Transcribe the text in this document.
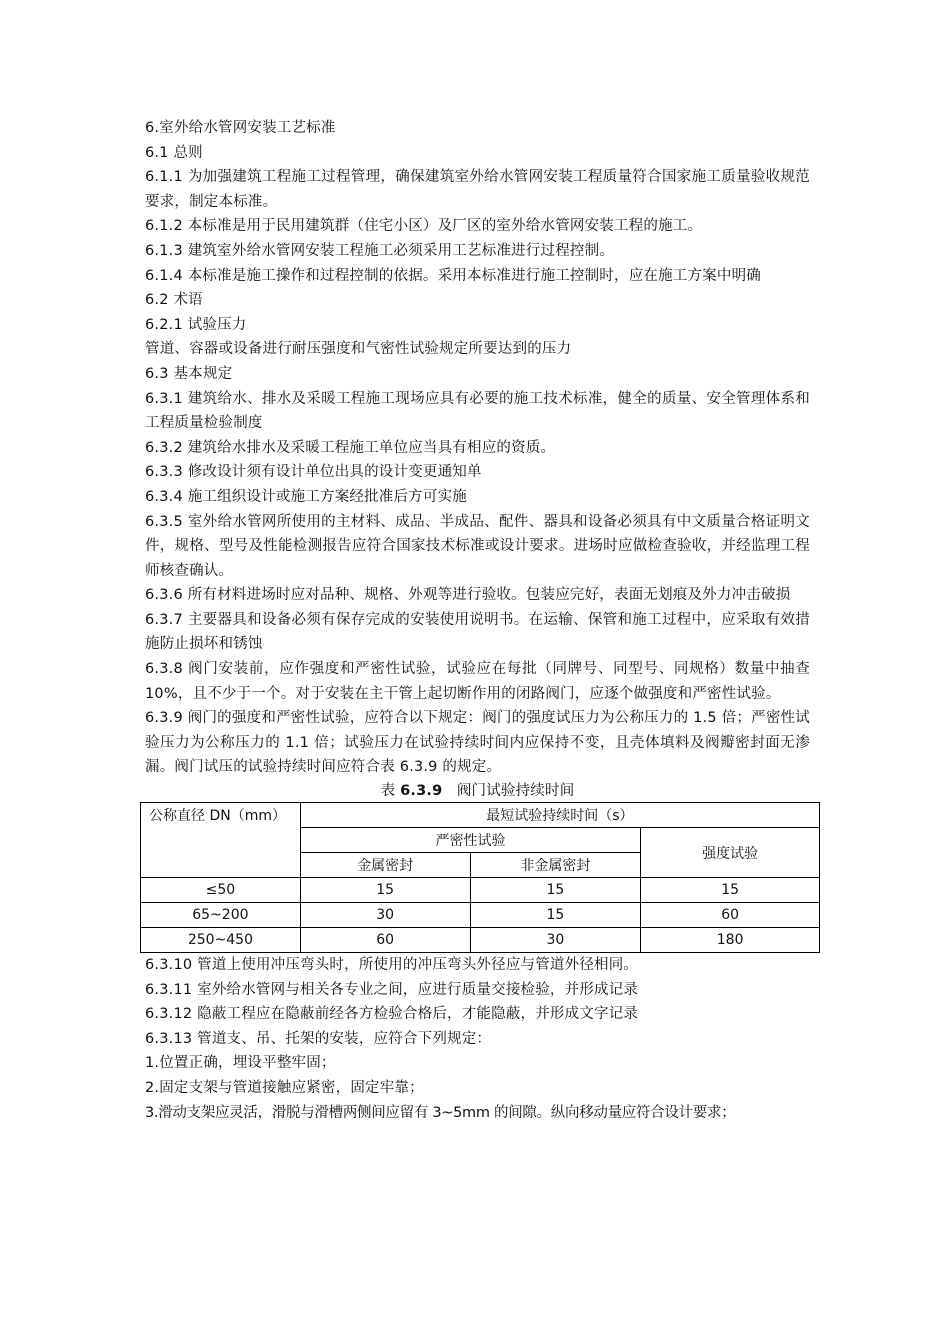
6.室外给水管网安装工艺标准

6.1 总则

6.1.1 为加强建筑工程施工过程管理，确保建筑室外给水管网安装工程质量符合国家施工质量验收规范要求，制定本标准。

6.1.2 本标准是用于民用建筑群（住宅小区）及厂区的室外给水管网安装工程的施工。

6.1.3 建筑室外给水管网安装工程施工必须采用工艺标准进行过程控制。

6.1.4 本标准是施工操作和过程控制的依据。采用本标准进行施工控制时，应在施工方案中明确

6.2 术语

6.2.1 试验压力

管道、容器或设备进行耐压强度和气密性试验规定所要达到的压力

6.3 基本规定

6.3.1 建筑给水、排水及采暖工程施工现场应具有必要的施工技术标准，健全的质量、安全管理体系和工程质量检验制度

6.3.2 建筑给水排水及采暖工程施工单位应当具有相应的资质。

6.3.3 修改设计须有设计单位出具的设计变更通知单

6.3.4 施工组织设计或施工方案经批准后方可实施

6.3.5 室外给水管网所使用的主材料、成品、半成品、配件、器具和设备必须具有中文质量合格证明文件，规格、型号及性能检测报告应符合国家技术标准或设计要求。进场时应做检查验收，并经监理工程师核查确认。

6.3.6 所有材料进场时应对品种、规格、外观等进行验收。包装应完好，表面无划痕及外力冲击破损

6.3.7 主要器具和设备必须有保存完成的安装使用说明书。在运输、保管和施工过程中，应采取有效措施防止损坏和锈蚀

6.3.8 阀门安装前，应作强度和严密性试验，试验应在每批（同牌号、同型号、同规格）数量中抽查 10%，且不少于一个。对于安装在主干管上起切断作用的闭路阀门，应逐个做强度和严密性试验。

6.3.9 阀门的强度和严密性试验，应符合以下规定：阀门的强度试压力为公称压力的 1.5 倍；严密性试验压力为公称压力的 1.1 倍；试验压力在试验持续时间内应保持不变，且壳体填料及阀瓣密封面无渗漏。阀门试压的试验持续时间应符合表 6.3.9 的规定。

表 6.3.9 阀门试验持续时间

公称直径 DN（mm）	最短试验持续时间（s）		
	严密性试验		强度试验
	金属密封	非金属密封	
≤50	15	15	15
65~200	30	15	60
250~450	60	30	180

6.3.10 管道上使用冲压弯头时，所使用的冲压弯头外径应与管道外径相同。

6.3.11 室外给水管网与相关各专业之间，应进行质量交接检验，并形成记录

6.3.12 隐蔽工程应在隐蔽前经各方检验合格后，才能隐蔽，并形成文字记录

6.3.13 管道支、吊、托架的安装，应符合下列规定：

1.位置正确，埋设平整牢固；

2.固定支架与管道接触应紧密，固定牢靠；

3.滑动支架应灵活，滑脱与滑槽两侧间应留有 3~5mm 的间隙。纵向移动量应符合设计要求；
